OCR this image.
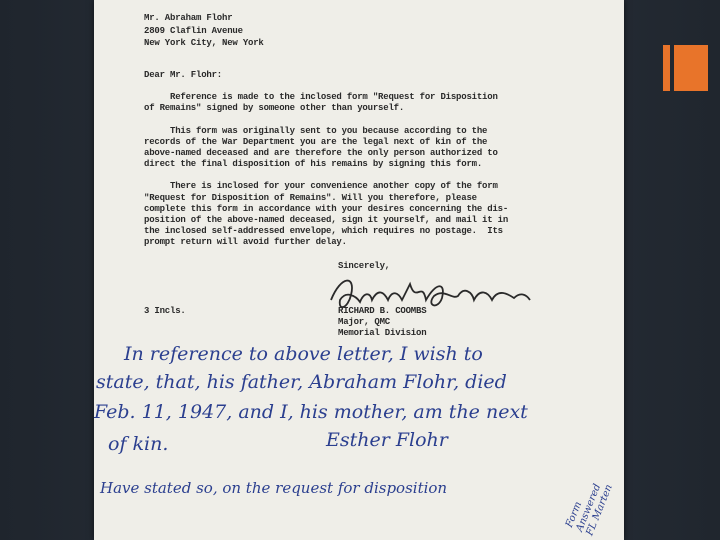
Mr. Abraham Flohr
2809 Claflin Avenue
New York City, New York
Dear Mr. Flohr:
Reference is made to the inclosed form "Request for Disposition
of Remains" signed by someone other than yourself.
This form was originally sent to you because according to the
records of the War Department you are the legal next of kin of the
above-named deceased and are therefore the only person authorized to
direct the final disposition of his remains by signing this form.
There is inclosed for your convenience another copy of the form
"Request for Disposition of Remains". Will you therefore, please
complete this form in accordance with your desires concerning the dis-
position of the above-named deceased, sign it yourself, and mail it in
the inclosed self-addressed envelope, which requires no postage.  Its
prompt return will avoid further delay.
Sincerely,
3 Incls.	RICHARD B. COOMBS
Major, QMC
Memorial Division
In reference to above letter, I wish to
state, that, his father, Abraham Flohr, died
Feb. 11, 1947, and I, his mother, am the next
of kin.	Esther Flohr
Have stated so, on the request for disposition
Form
Answered
FL Marten
